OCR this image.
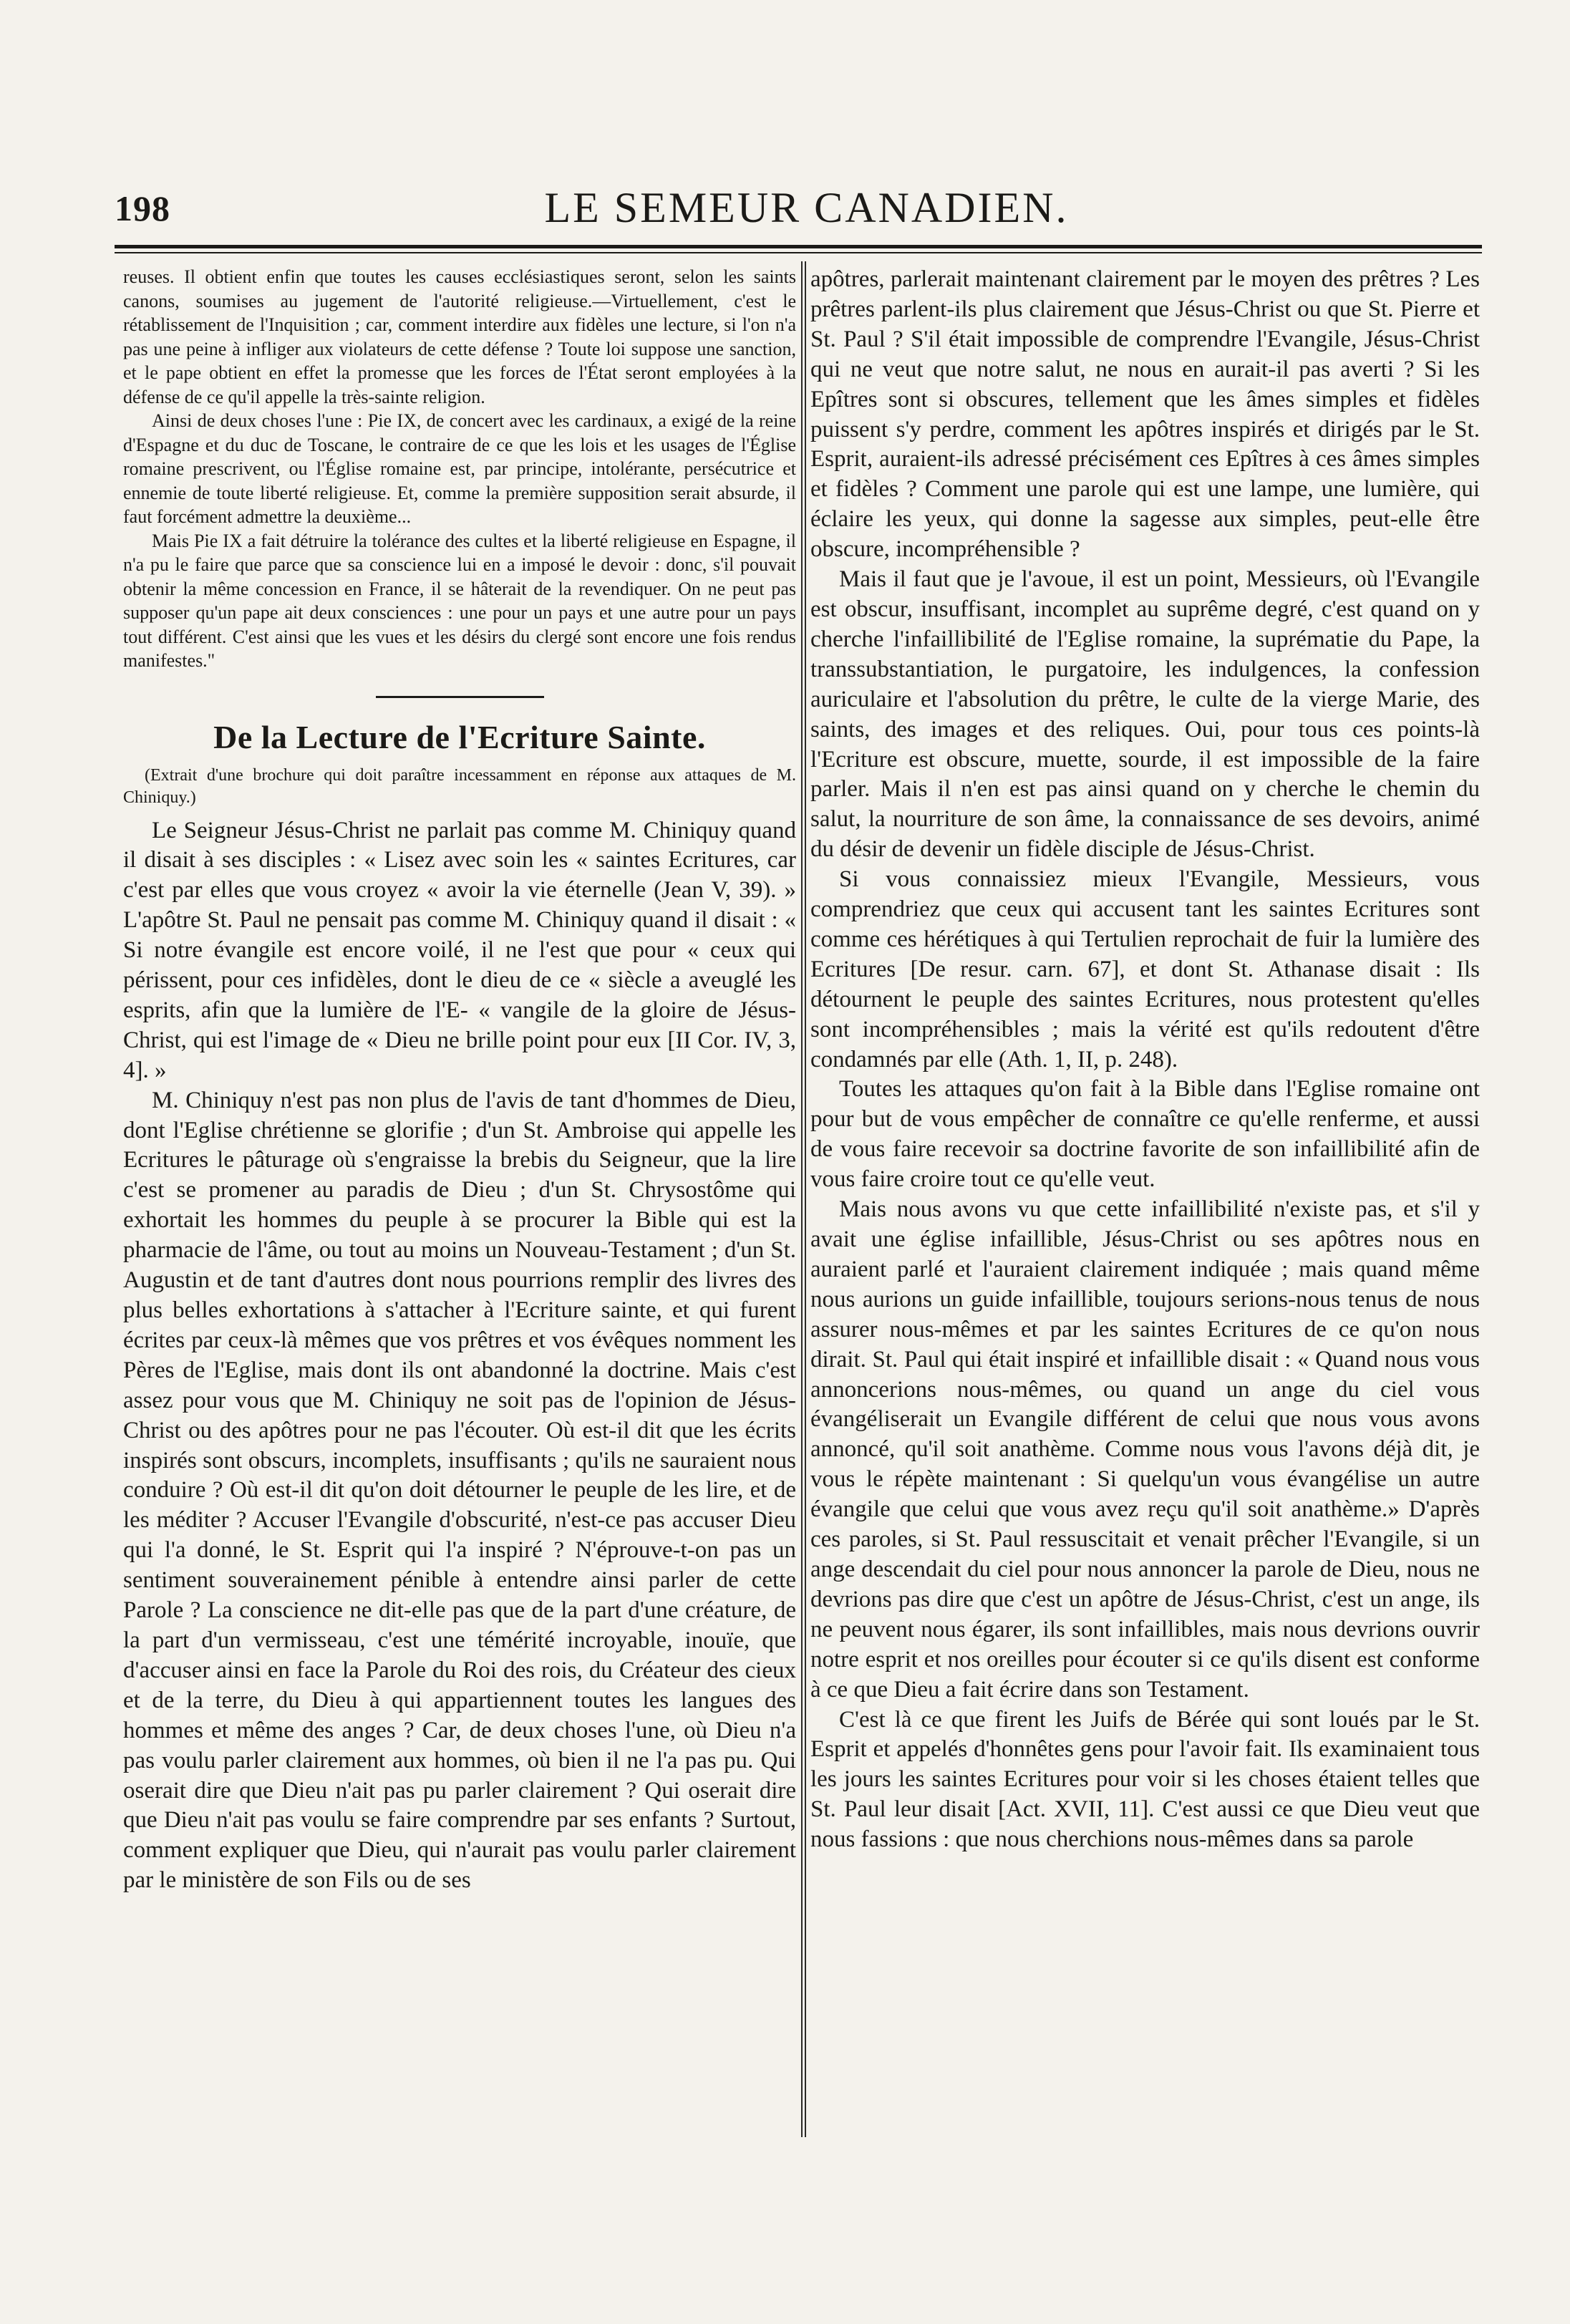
198	LE SEMEUR CANADIEN.

reuses. Il obtient enfin que toutes les causes ecclésiastiques seront, selon les saints canons, soumises au jugement de l'autorité religieuse.—Virtuellement, c'est le rétablissement de l'Inquisition ; car, comment interdire aux fidèles une lecture, si l'on n'a pas une peine à infliger aux violateurs de cette défense ? Toute loi suppose une sanction, et le pape obtient en effet la promesse que les forces de l'État seront employées à la défense de ce qu'il appelle la très-sainte religion.

Ainsi de deux choses l'une : Pie IX, de concert avec les cardinaux, a exigé de la reine d'Espagne et du duc de Toscane, le contraire de ce que les lois et les usages de l'Église romaine prescrivent, ou l'Église romaine est, par principe, intolérante, persécutrice et ennemie de toute liberté religieuse. Et, comme la première supposition serait absurde, il faut forcément admettre la deuxième...

Mais Pie IX a fait détruire la tolérance des cultes et la liberté religieuse en Espagne, il n'a pu le faire que parce que sa conscience lui en a imposé le devoir : donc, s'il pouvait obtenir la même concession en France, il se hâterait de la revendiquer. On ne peut pas supposer qu'un pape ait deux consciences : une pour un pays et une autre pour un pays tout différent. C'est ainsi que les vues et les désirs du clergé sont encore une fois rendus manifestes."

De la Lecture de l'Ecriture Sainte.

(Extrait d'une brochure qui doit paraître incessamment en réponse aux attaques de M. Chiniquy.)

Le Seigneur Jésus-Christ ne parlait pas comme M. Chiniquy quand il disait à ses disciples : « Lisez avec soin les « saintes Ecritures, car c'est par elles que vous croyez « avoir la vie éternelle (Jean V, 39). » L'apôtre St. Paul ne pensait pas comme M. Chiniquy quand il disait : « Si notre évangile est encore voilé, il ne l'est que pour « ceux qui périssent, pour ces infidèles, dont le dieu de ce « siècle a aveuglé les esprits, afin que la lumière de l'E- « vangile de la gloire de Jésus-Christ, qui est l'image de « Dieu ne brille point pour eux [II Cor. IV, 3, 4]. »

M. Chiniquy n'est pas non plus de l'avis de tant d'hommes de Dieu, dont l'Eglise chrétienne se glorifie ; d'un St. Ambroise qui appelle les Ecritures le pâturage où s'engraisse la brebis du Seigneur, que la lire c'est se promener au paradis de Dieu ; d'un St. Chrysostôme qui exhortait les hommes du peuple à se procurer la Bible qui est la pharmacie de l'âme, ou tout au moins un Nouveau-Testament ; d'un St. Augustin et de tant d'autres dont nous pourrions remplir des livres des plus belles exhortations à s'attacher à l'Ecriture sainte, et qui furent écrites par ceux-là mêmes que vos prêtres et vos évêques nomment les Pères de l'Eglise, mais dont ils ont abandonné la doctrine. Mais c'est assez pour vous que M. Chiniquy ne soit pas de l'opinion de Jésus-Christ ou des apôtres pour ne pas l'écouter. Où est-il dit que les écrits inspirés sont obscurs, incomplets, insuffisants ; qu'ils ne sauraient nous conduire ? Où est-il dit qu'on doit détourner le peuple de les lire, et de les méditer ? Accuser l'Evangile d'obscurité, n'est-ce pas accuser Dieu qui l'a donné, le St. Esprit qui l'a inspiré ? N'éprouve-t-on pas un sentiment souverainement pénible à entendre ainsi parler de cette Parole ? La conscience ne dit-elle pas que de la part d'une créature, de la part d'un vermisseau, c'est une témérité incroyable, inouïe, que d'accuser ainsi en face la Parole du Roi des rois, du Créateur des cieux et de la terre, du Dieu à qui appartiennent toutes les langues des hommes et même des anges ? Car, de deux choses l'une, où Dieu n'a pas voulu parler clairement aux hommes, où bien il ne l'a pas pu. Qui oserait dire que Dieu n'ait pas pu parler clairement ? Qui oserait dire que Dieu n'ait pas voulu se faire comprendre par ses enfants ? Surtout, comment expliquer que Dieu, qui n'aurait pas voulu parler clairement par le ministère de son Fils ou de ses

apôtres, parlerait maintenant clairement par le moyen des prêtres ? Les prêtres parlent-ils plus clairement que Jésus-Christ ou que St. Pierre et St. Paul ? S'il était impossible de comprendre l'Evangile, Jésus-Christ qui ne veut que notre salut, ne nous en aurait-il pas averti ? Si les Epîtres sont si obscures, tellement que les âmes simples et fidèles puissent s'y perdre, comment les apôtres inspirés et dirigés par le St. Esprit, auraient-ils adressé précisément ces Epîtres à ces âmes simples et fidèles ? Comment une parole qui est une lampe, une lumière, qui éclaire les yeux, qui donne la sagesse aux simples, peut-elle être obscure, incompréhensible ?

Mais il faut que je l'avoue, il est un point, Messieurs, où l'Evangile est obscur, insuffisant, incomplet au suprême degré, c'est quand on y cherche l'infaillibilité de l'Eglise romaine, la suprématie du Pape, la transsubstantiation, le purgatoire, les indulgences, la confession auriculaire et l'absolution du prêtre, le culte de la vierge Marie, des saints, des images et des reliques. Oui, pour tous ces points-là l'Ecriture est obscure, muette, sourde, il est impossible de la faire parler. Mais il n'en est pas ainsi quand on y cherche le chemin du salut, la nourriture de son âme, la connaissance de ses devoirs, animé du désir de devenir un fidèle disciple de Jésus-Christ.

Si vous connaissiez mieux l'Evangile, Messieurs, vous comprendriez que ceux qui accusent tant les saintes Ecritures sont comme ces hérétiques à qui Tertulien reprochait de fuir la lumière des Ecritures [De resur. carn. 67], et dont St. Athanase disait : Ils détournent le peuple des saintes Ecritures, nous protestent qu'elles sont incompréhensibles ; mais la vérité est qu'ils redoutent d'être condamnés par elle (Ath. 1, II, p. 248).

Toutes les attaques qu'on fait à la Bible dans l'Eglise romaine ont pour but de vous empêcher de connaître ce qu'elle renferme, et aussi de vous faire recevoir sa doctrine favorite de son infaillibilité afin de vous faire croire tout ce qu'elle veut.

Mais nous avons vu que cette infaillibilité n'existe pas, et s'il y avait une église infaillible, Jésus-Christ ou ses apôtres nous en auraient parlé et l'auraient clairement indiquée ; mais quand même nous aurions un guide infaillible, toujours serions-nous tenus de nous assurer nous-mêmes et par les saintes Ecritures de ce qu'on nous dirait. St. Paul qui était inspiré et infaillible disait : « Quand nous vous annoncerions nous-mêmes, ou quand un ange du ciel vous évangéliserait un Evangile différent de celui que nous vous avons annoncé, qu'il soit anathème. Comme nous vous l'avons déjà dit, je vous le répète maintenant : Si quelqu'un vous évangélise un autre évangile que celui que vous avez reçu qu'il soit anathème.» D'après ces paroles, si St. Paul ressuscitait et venait prêcher l'Evangile, si un ange descendait du ciel pour nous annoncer la parole de Dieu, nous ne devrions pas dire que c'est un apôtre de Jésus-Christ, c'est un ange, ils ne peuvent nous égarer, ils sont infaillibles, mais nous devrions ouvrir notre esprit et nos oreilles pour écouter si ce qu'ils disent est conforme à ce que Dieu a fait écrire dans son Testament.

C'est là ce que firent les Juifs de Bérée qui sont loués par le St. Esprit et appelés d'honnêtes gens pour l'avoir fait. Ils examinaient tous les jours les saintes Ecritures pour voir si les choses étaient telles que St. Paul leur disait [Act. XVII, 11]. C'est aussi ce que Dieu veut que nous fassions : que nous cherchions nous-mêmes dans sa parole
